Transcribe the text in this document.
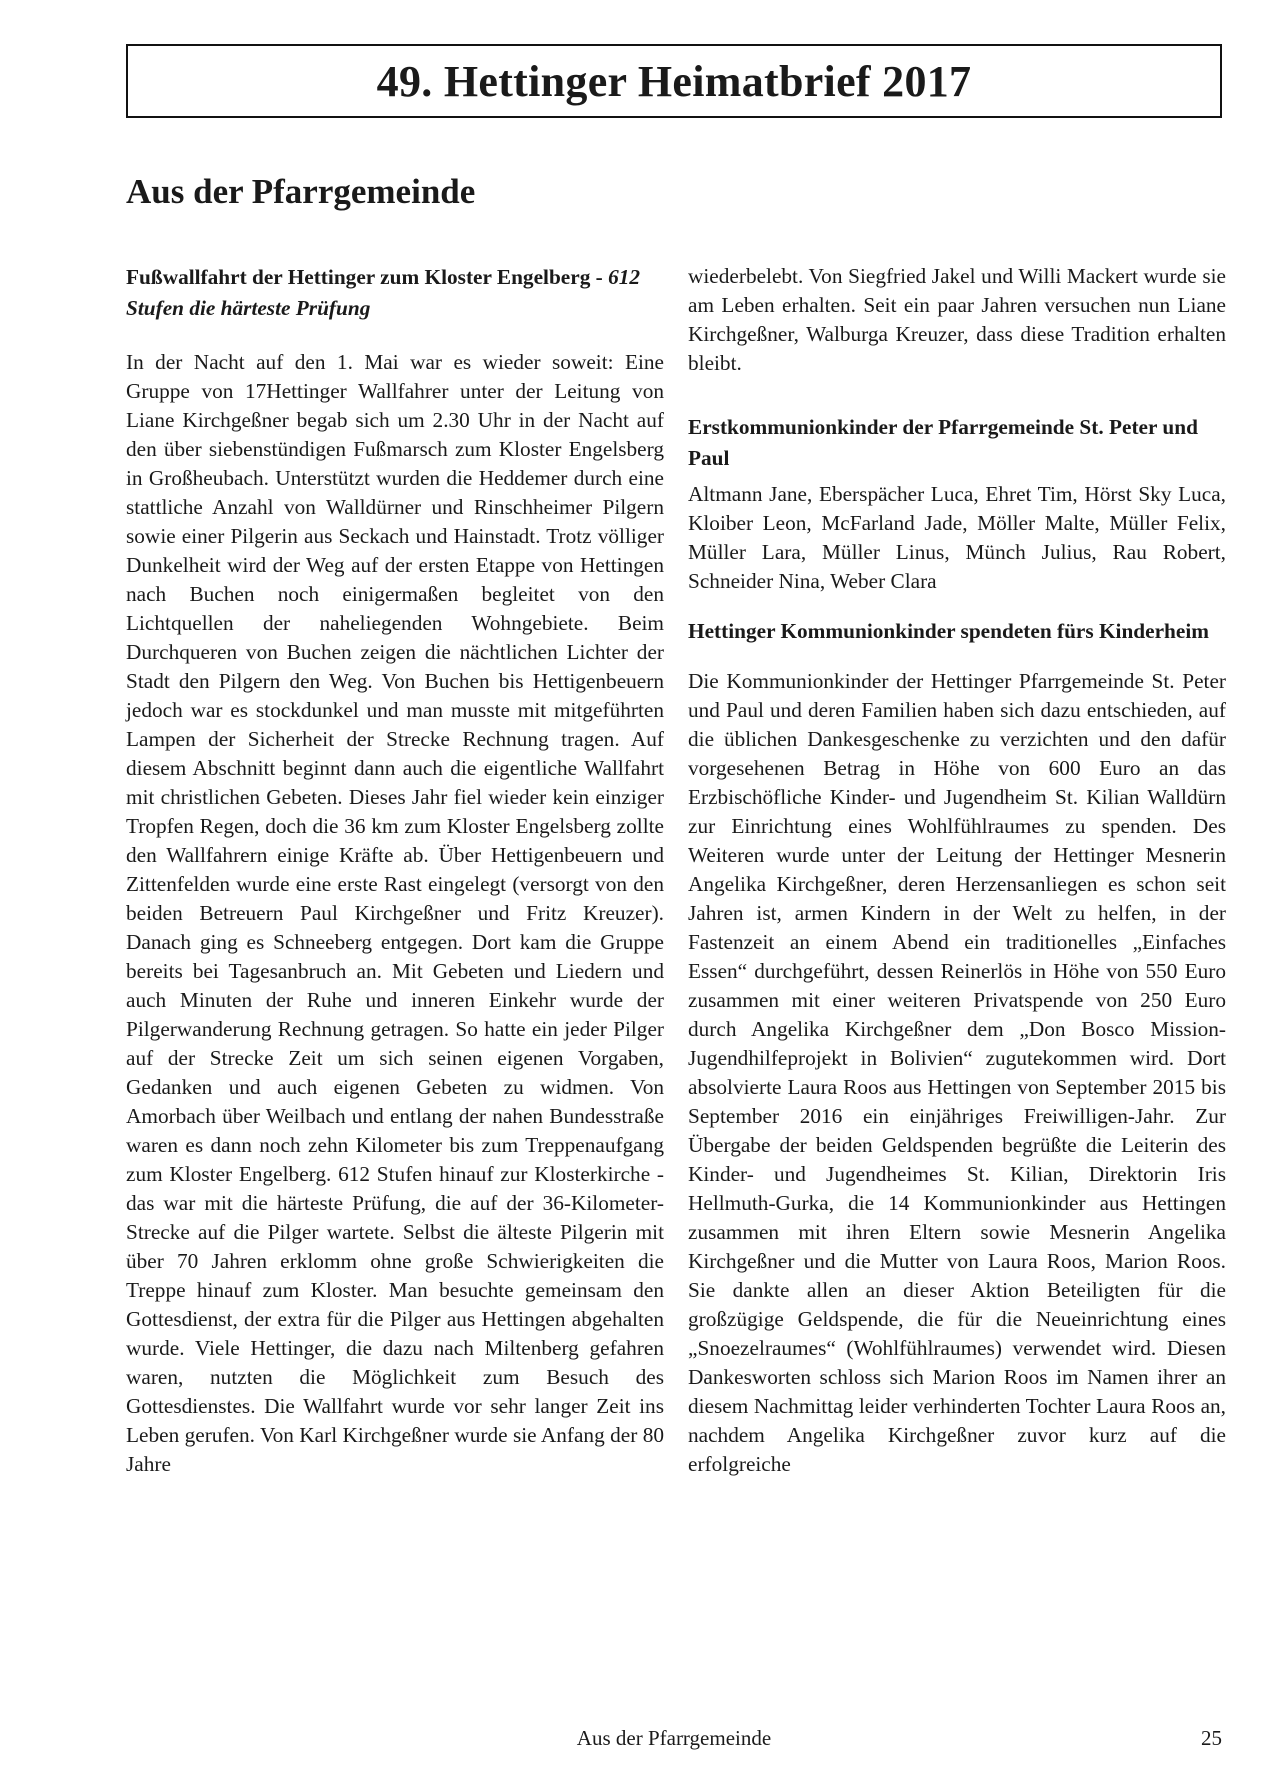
49. Hettinger Heimatbrief 2017
Aus der Pfarrgemeinde

Fußwallfahrt der Hettinger zum Kloster Engelberg - 612 Stufen die härteste Prüfung

In der Nacht auf den 1. Mai war es wieder soweit: Eine Gruppe von 17Hettinger Wallfahrer unter der Leitung von Liane Kirchgeßner begab sich um 2.30 Uhr in der Nacht auf den über siebenstündigen Fußmarsch zum Kloster Engelsberg in Großheubach. Unterstützt wurden die Heddemer durch eine stattliche Anzahl von Walldürner und Rinschheimer Pilgern sowie einer Pilgerin aus Seckach und Hainstadt. Trotz völliger Dunkelheit wird der Weg auf der ersten Etappe von Hettingen nach Buchen noch einigermaßen begleitet von den Lichtquellen der naheliegenden Wohngebiete. Beim Durchqueren von Buchen zeigen die nächtlichen Lichter der Stadt den Pilgern den Weg. Von Buchen bis Hettigenbeuern jedoch war es stockdunkel und man musste mit mitgeführten Lampen der Sicherheit der Strecke Rechnung tragen. Auf diesem Abschnitt beginnt dann auch die eigentliche Wallfahrt mit christlichen Gebeten. Dieses Jahr fiel wieder kein einziger Tropfen Regen, doch die 36 km zum Kloster Engelsberg zollte den Wallfahrern einige Kräfte ab. Über Hettigenbeuern und Zittenfelden wurde eine erste Rast eingelegt (versorgt von den beiden Betreuern Paul Kirchgeßner und Fritz Kreuzer). Danach ging es Schneeberg entgegen. Dort kam die Gruppe bereits bei Tagesanbruch an. Mit Gebeten und Liedern und auch Minuten der Ruhe und inneren Einkehr wurde der Pilgerwanderung Rechnung getragen. So hatte ein jeder Pilger auf der Strecke Zeit um sich seinen eigenen Vorgaben, Gedanken und auch eigenen Gebeten zu widmen. Von Amorbach über Weilbach und entlang der nahen Bundesstraße waren es dann noch zehn Kilometer bis zum Treppenaufgang zum Kloster Engelberg. 612 Stufen hinauf zur Klosterkirche - das war mit die härteste Prüfung, die auf der 36-Kilometer-Strecke auf die Pilger wartete. Selbst die älteste Pilgerin mit über 70 Jahren erklomm ohne große Schwierigkeiten die Treppe hinauf zum Kloster. Man besuchte gemeinsam den Gottesdienst, der extra für die Pilger aus Hettingen abgehalten wurde. Viele Hettinger, die dazu nach Miltenberg gefahren waren, nutzten die Möglichkeit zum Besuch des Gottesdienstes. Die Wallfahrt wurde vor sehr langer Zeit ins Leben gerufen. Von Karl Kirchgeßner wurde sie Anfang der 80 Jahre

wiederbelebt. Von Siegfried Jakel und Willi Mackert wurde sie am Leben erhalten. Seit ein paar Jahren versuchen nun Liane Kirchgeßner, Walburga Kreuzer, dass diese Tradition erhalten bleibt.

Erstkommunionkinder der Pfarrgemeinde St. Peter und Paul

Altmann Jane, Eberspächer Luca, Ehret Tim, Hörst Sky Luca, Kloiber Leon, McFarland Jade, Möller Malte, Müller Felix, Müller Lara, Müller Linus, Münch Julius, Rau Robert, Schneider Nina, Weber Clara

Hettinger Kommunionkinder spendeten fürs Kinderheim

Die Kommunionkinder der Hettinger Pfarrgemeinde St. Peter und Paul und deren Familien haben sich dazu entschieden, auf die üblichen Dankesgeschenke zu verzichten und den dafür vorgesehenen Betrag in Höhe von 600 Euro an das Erzbischöfliche Kinder- und Jugendheim St. Kilian Walldürn zur Einrichtung eines Wohlfühlraumes zu spenden. Des Weiteren wurde unter der Leitung der Hettinger Mesnerin Angelika Kirchgeßner, deren Herzensanliegen es schon seit Jahren ist, armen Kindern in der Welt zu helfen, in der Fastenzeit an einem Abend ein traditionelles „Einfaches Essen“ durchgeführt, dessen Reinerlös in Höhe von 550 Euro zusammen mit einer weiteren Privatspende von 250 Euro durch Angelika Kirchgeßner dem „Don Bosco Mission-Jugendhilfeprojekt in Bolivien“ zugutekommen wird. Dort absolvierte Laura Roos aus Hettingen von September 2015 bis September 2016 ein einjähriges Freiwilligen-Jahr. Zur Übergabe der beiden Geldspenden begrüßte die Leiterin des Kinder- und Jugendheimes St. Kilian, Direktorin Iris Hellmuth-Gurka, die 14 Kommunionkinder aus Hettingen zusammen mit ihren Eltern sowie Mesnerin Angelika Kirchgeßner und die Mutter von Laura Roos, Marion Roos. Sie dankte allen an dieser Aktion Beteiligten für die großzügige Geldspende, die für die Neueinrichtung eines „Snoezelraumes“ (Wohlfühlraumes) verwendet wird. Diesen Dankesworten schloss sich Marion Roos im Namen ihrer an diesem Nachmittag leider verhinderten Tochter Laura Roos an, nachdem Angelika Kirchgeßner zuvor kurz auf die erfolgreiche

Aus der Pfarrgemeinde	25
